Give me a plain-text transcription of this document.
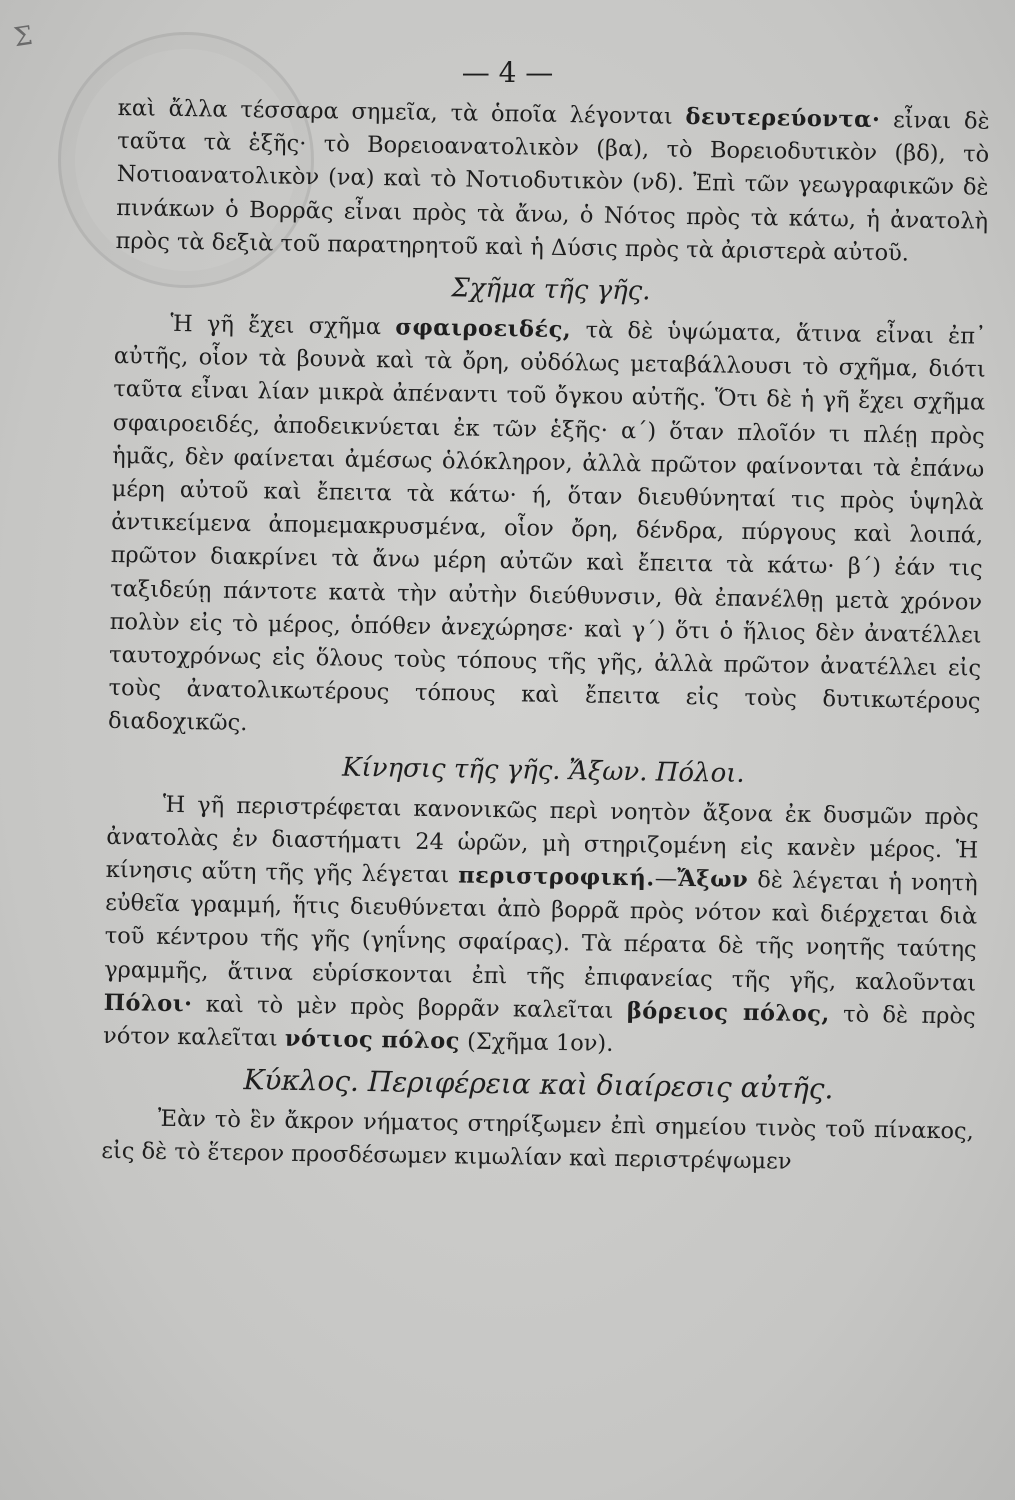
Σ
— 4 —

καὶ ἄλλα τέσσαρα σημεῖα, τὰ ὁποῖα λέγονται δευτερεύοντα· εἶναι δὲ ταῦτα τὰ ἑξῆς· τὸ Βορειοανατολικὸν (βα), τὸ Βορειοδυτικὸν (βδ), τὸ Νοτιοανατολικὸν (να) καὶ τὸ Νοτιοδυτικὸν (νδ). Ἐπὶ τῶν γεωγραφικῶν δὲ πινάκων ὁ Βορρᾶς εἶναι πρὸς τὰ ἄνω, ὁ Νότος πρὸς τὰ κάτω, ἡ ἀνατολὴ πρὸς τὰ δεξιὰ τοῦ παρατηρητοῦ καὶ ἡ Δύσις πρὸς τὰ ἀριστερὰ αὐτοῦ.

Σχῆμα τῆς γῆς.

Ἡ γῆ ἔχει σχῆμα σφαιροειδές, τὰ δὲ ὑψώματα, ἅτινα εἶναι ἐπ᾿ αὐτῆς, οἷον τὰ βουνὰ καὶ τὰ ὄρη, οὐδόλως μεταβάλλουσι τὸ σχῆμα, διότι ταῦτα εἶναι λίαν μικρὰ ἀπέναντι τοῦ ὄγκου αὐτῆς. Ὅτι δὲ ἡ γῆ ἔχει σχῆμα σφαιροειδές, ἀποδεικνύεται ἐκ τῶν ἑξῆς· α΄) ὅταν πλοῖόν τι πλέῃ πρὸς ἡμᾶς, δὲν φαίνεται ἀμέσως ὁλόκληρον, ἀλλὰ πρῶτον φαίνονται τὰ ἐπάνω μέρη αὐτοῦ καὶ ἔπειτα τὰ κάτω· ή, ὅταν διευθύνηταί τις πρὸς ὑψηλὰ ἀντικείμενα ἀπομεμακρυσμένα, οἷον ὄρη, δένδρα, πύργους καὶ λοιπά, πρῶτον διακρίνει τὰ ἄνω μέρη αὐτῶν καὶ ἔπειτα τὰ κάτω· β΄) ἐάν τις ταξιδεύῃ πάντοτε κατὰ τὴν αὐτὴν διεύθυνσιν, θὰ ἐπανέλθῃ μετὰ χρόνον πολὺν εἰς τὸ μέρος, ὁπόθεν ἀνεχώρησε· καὶ γ΄) ὅτι ὁ ἥλιος δὲν ἀνατέλλει ταυτοχρόνως εἰς ὅλους τοὺς τόπους τῆς γῆς, ἀλλὰ πρῶτον ἀνατέλλει εἰς τοὺς ἀνατολικωτέρους τόπους καὶ ἔπειτα εἰς τοὺς δυτικωτέρους διαδοχικῶς.

Κίνησις τῆς γῆς. Ἄξων. Πόλοι.

Ἡ γῆ περιστρέφεται κανονικῶς περὶ νοητὸν ἄξονα ἐκ δυσμῶν πρὸς ἀνατολὰς ἐν διαστήματι 24 ὡρῶν, μὴ στηριζομένη εἰς κανὲν μέρος. Ἡ κίνησις αὕτη τῆς γῆς λέγεται περιστροφική.—Ἄξων δὲ λέγεται ἡ νοητὴ εὐθεῖα γραμμή, ἥτις διευθύνεται ἀπὸ βορρᾶ πρὸς νότον καὶ διέρχεται διὰ τοῦ κέντρου τῆς γῆς (γηΐνης σφαίρας). Τὰ πέρατα δὲ τῆς νοητῆς ταύτης γραμμῆς, ἅτινα εὑρίσκονται ἐπὶ τῆς ἐπιφανείας τῆς γῆς, καλοῦνται Πόλοι· καὶ τὸ μὲν πρὸς βορρᾶν καλεῖται βόρειος πόλος, τὸ δὲ πρὸς νότον καλεῖται νότιος πόλος (Σχῆμα 1ον).

Κύκλος. Περιφέρεια καὶ διαίρεσις αὐτῆς.

Ἐὰν τὸ ἓν ἄκρον νήματος στηρίξωμεν ἐπὶ σημείου τινὸς τοῦ πίνακος, εἰς δὲ τὸ ἕτερον προσδέσωμεν κιμωλίαν καὶ περιστρέψωμεν
